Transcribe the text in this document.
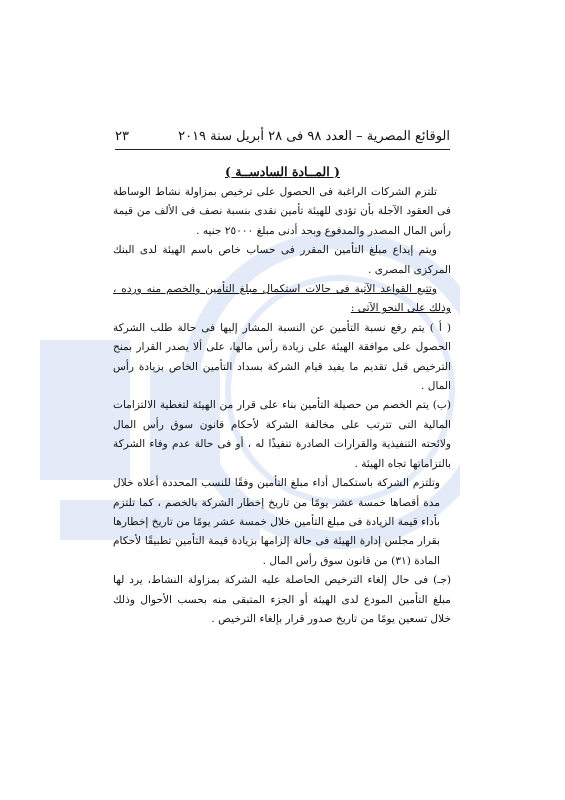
الوقائع المصرية – العدد ٩٨ فى ٢٨ أبريل سنة ٢٠١٩
٢٣
( المــادة السادســة )

تلتزم الشركات الراغبة فى الحصول على ترخيص بمزاولة نشاط الوساطة فى العقود الآجلة بأن تؤدى للهيئة تأمين نقدى بنسبة نصف فى الألف من قيمة رأس المال المصدر والمدفوع وبحد أدنى مبلغ ٢٥٠٠٠ جنيه .

ويتم إيداع مبلغ التأمين المقرر فى حساب خاص باسم الهيئة لدى البنك المركزى المصرى .

وتتبع القواعد الآتية فى حالات استكمال مبلغ التأمين والخصم منه ورده ، وذلك على النحو الآتى :

( أ ) يتم رفع نسبة التأمين عن النسبة المشار إليها فى حالة طلب الشركة الحصول على موافقة الهيئة على زيادة رأس مالها، على ألا يصدر القرار بمنح الترخيص قبل تقديم ما يفيد قيام الشركة بسداد التأمين الخاص بزيادة رأس المال .

(ب) يتم الخصم من حصيلة التأمين بناء على قرار من الهيئة لتغطية الالتزامات المالية التى تترتب على مخالفة الشركة لأحكام قانون سوق رأس المال ولائحته التنفيذية والقرارات الصادرة تنفيذًا له ، أو فى حالة عدم وفاء الشركة بالتزاماتها تجاه الهيئة .

وتلتزم الشركة باستكمال أداء مبلغ التأمين وفقًا للنسب المحددة أعلاه خلال مدة أقصاها خمسة عشر يومًا من تاريخ إخطار الشركة بالخصم ، كما تلتزم بأداء قيمة الزيادة فى مبلغ التأمين خلال خمسة عشر يومًا من تاريخ إخطارها بقرار مجلس إدارة الهيئة فى حالة إلزامها بزيادة قيمة التأمين تطبيقًا لأحكام المادة (٣١) من قانون سوق رأس المال .

(جـ) فى حال إلغاء الترخيص الحاصلة عليه الشركة بمزاولة النشاط، يرد لها مبلغ التأمين المودع لدى الهيئة أو الجزء المتبقى منه بحسب الأحوال وذلك خلال تسعين يومًا من تاريخ صدور قرار بإلغاء الترخيص .
